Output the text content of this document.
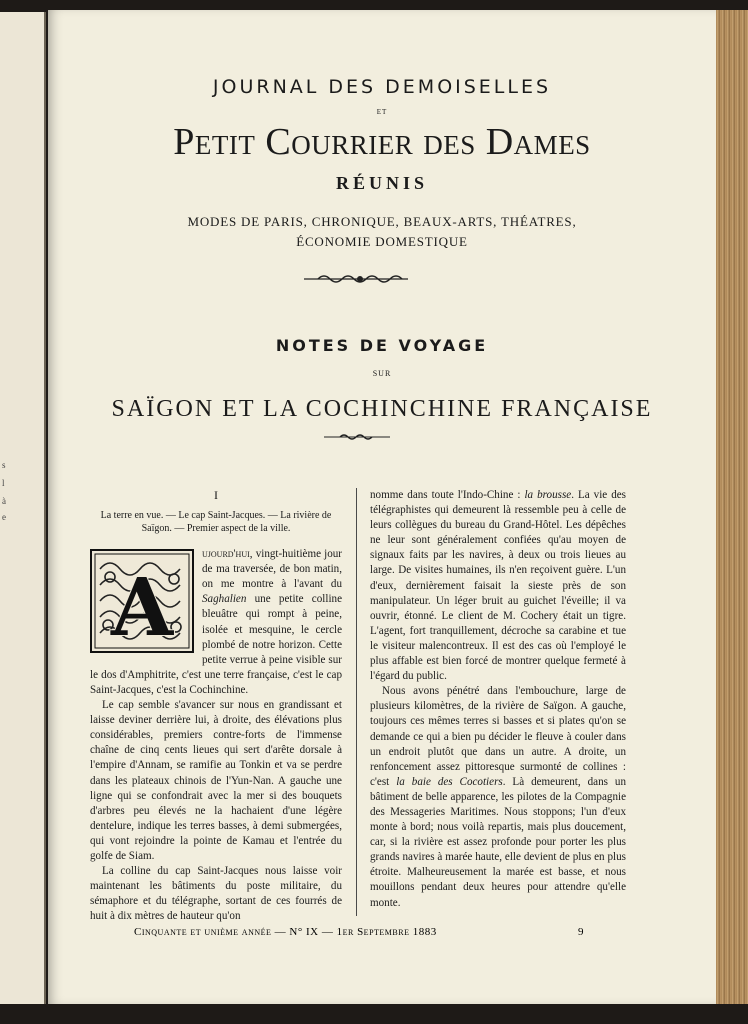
s
l
à
e
JOURNAL DES DEMOISELLES
ET
Petit Courrier des Dames
RÉUNIS
MODES DE PARIS, CHRONIQUE, BEAUX-ARTS, THÉATRES,
ÉCONOMIE DOMESTIQUE
NOTES DE VOYAGE
SUR
SAÏGON ET LA COCHINCHINE FRANÇAISE
I

La terre en vue. — Le cap Saint-Jacques. — La rivière de Saïgon. — Premier aspect de la ville.

A
ujourd'hui, vingt-huitième jour de ma traversée, de bon matin, on me montre à l'avant du Saghalien une petite colline bleuâtre qui rompt à peine, isolée et mesquine, le cercle plombé de notre horizon. Cette petite verrue à peine visible sur le dos d'Amphitrite, c'est une terre française, c'est le cap Saint-Jacques, c'est la Cochinchine.

Le cap semble s'avancer sur nous en grandissant et laisse deviner derrière lui, à droite, des élévations plus considérables, premiers contre-forts de l'immense chaîne de cinq cents lieues qui sert d'arête dorsale à l'empire d'Annam, se ramifie au Tonkin et va se perdre dans les plateaux chinois de l'Yun-Nan. A gauche une ligne qui se confondrait avec la mer si des bouquets d'arbres peu élevés ne la hachaient d'une légère dentelure, indique les terres basses, à demi submergées, qui vont rejoindre la pointe de Kamau et l'entrée du golfe de Siam.

La colline du cap Saint-Jacques nous laisse voir maintenant les bâtiments du poste militaire, du sémaphore et du télégraphe, sortant de ces fourrés de huit à dix mètres de hauteur qu'on

nomme dans toute l'Indo-Chine : la brousse. La vie des télégraphistes qui demeurent là ressemble peu à celle de leurs collègues du bureau du Grand-Hôtel. Les dépêches ne leur sont généralement confiées qu'au moyen de signaux faits par les navires, à deux ou trois lieues au large. De visites humaines, ils n'en reçoivent guère. L'un d'eux, dernièrement faisait la sieste près de son manipulateur. Un léger bruit au guichet l'éveille; il va ouvrir, étonné. Le client de M. Cochery était un tigre. L'agent, fort tranquillement, décroche sa carabine et tue le visiteur malencontreux. Il est des cas où l'employé le plus affable est bien forcé de montrer quelque fermeté à l'égard du public.

Nous avons pénétré dans l'embouchure, large de plusieurs kilomètres, de la rivière de Saïgon. A gauche, toujours ces mêmes terres si basses et si plates qu'on se demande ce qui a bien pu décider le fleuve à couler dans un endroit plutôt que dans un autre. A droite, un renfoncement assez pittoresque surmonté de collines : c'est la baie des Cocotiers. Là demeurent, dans un bâtiment de belle apparence, les pilotes de la Compagnie des Messageries Maritimes. Nous stoppons; l'un d'eux monte à bord; nous voilà repartis, mais plus doucement, car, si la rivière est assez profonde pour porter les plus grands navires à marée haute, elle devient de plus en plus étroite. Malheureusement la marée est basse, et nous mouillons pendant deux heures pour attendre qu'elle monte.

Cinquante et unième année — N° IX — 1er Septembre 1883	9
